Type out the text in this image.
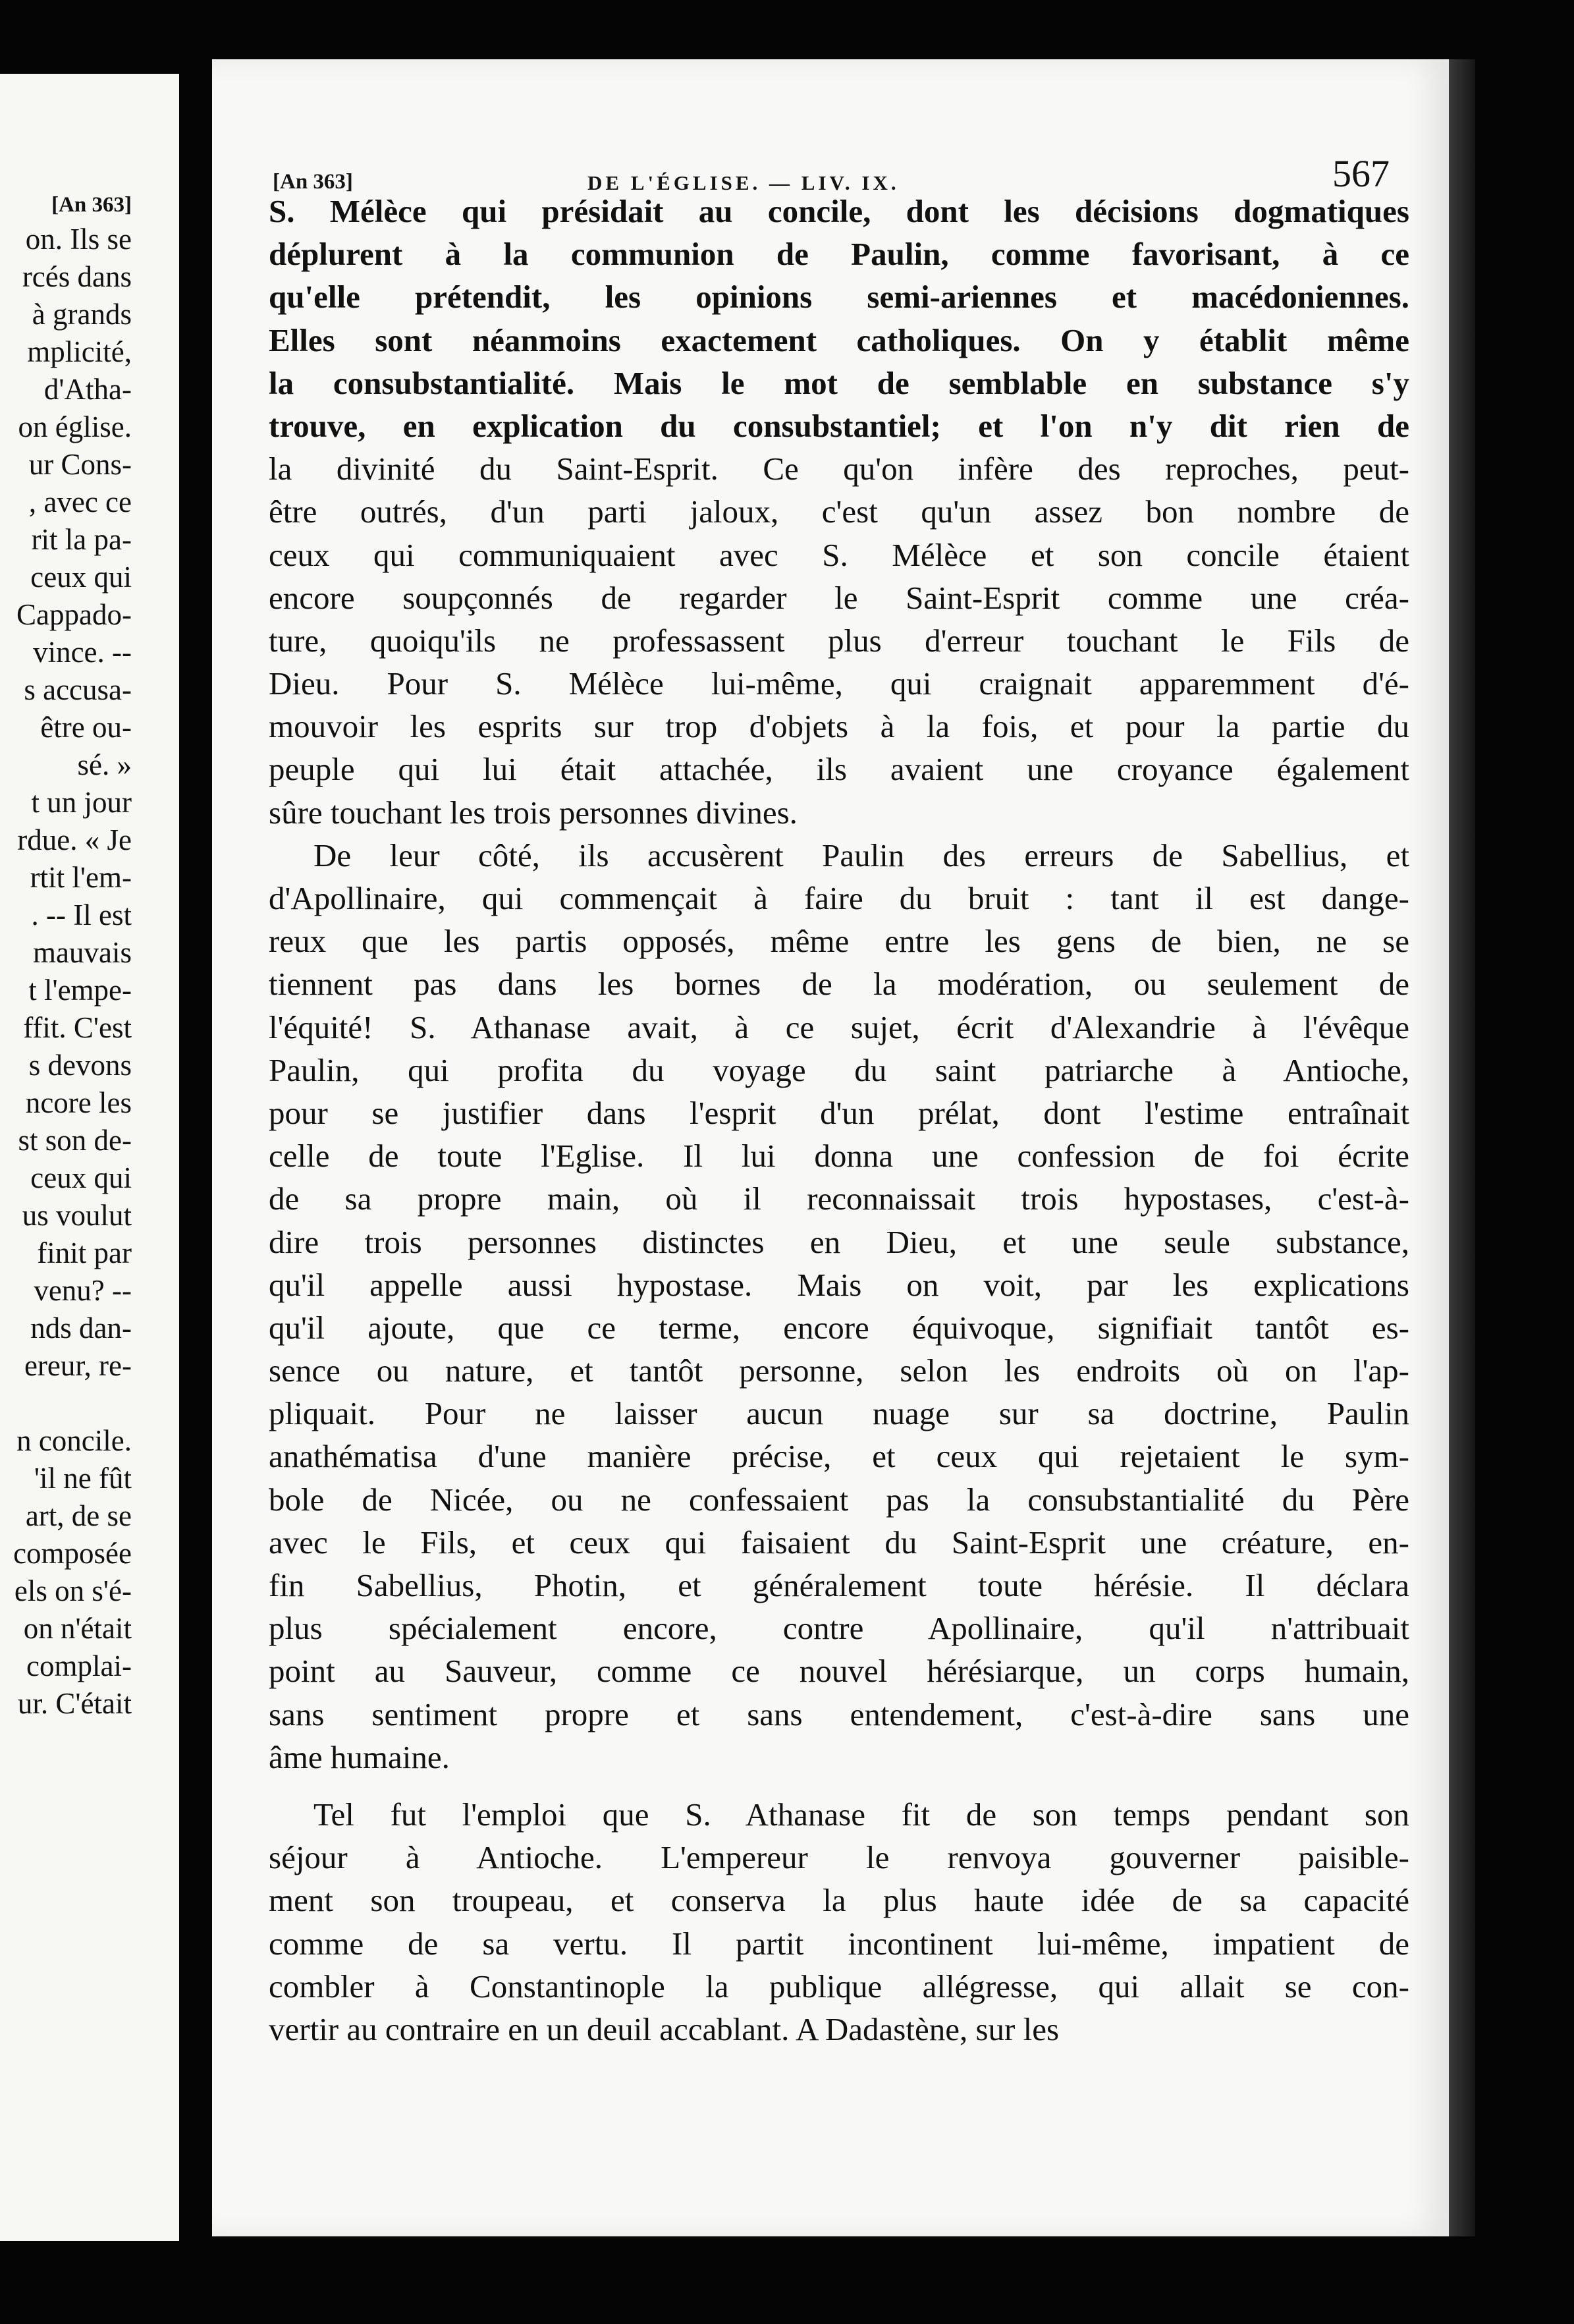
[An 363]

on. Ils se

rcés dans

à grands

mplicité,

d'Atha-

on église.

ur Cons-

, avec ce

rit la pa-

ceux qui

Cappado-

vince. --

s accusa-

être ou-

sé. »

t un jour

rdue. « Je

rtit l'em-

. -- Il est

mauvais

t l'empe-

ffit. C'est

s devons

ncore les

st son de-

ceux qui

us voulut

finit par

venu? --

nds dan-

ereur, re-

n concile.

'il ne fût

art, de se

composée

els on s'é-

on n'était

complai-

ur. C'était

[An 363]	DE L'ÉGLISE. — LIV. IX.	567

S. Mélèce qui présidait au concile, dont les décisions dogmatiques

déplurent à la communion de Paulin, comme favorisant, à ce

qu'elle prétendit, les opinions semi-ariennes et macédoniennes.

Elles sont néanmoins exactement catholiques. On y établit même

la consubstantialité. Mais le mot de semblable en substance s'y

trouve, en explication du consubstantiel; et l'on n'y dit rien de

la divinité du Saint-Esprit. Ce qu'on infère des reproches, peut-

être outrés, d'un parti jaloux, c'est qu'un assez bon nombre de

ceux qui communiquaient avec S. Mélèce et son concile étaient

encore soupçonnés de regarder le Saint-Esprit comme une créa-

ture, quoiqu'ils ne professassent plus d'erreur touchant le Fils de

Dieu. Pour S. Mélèce lui-même, qui craignait apparemment d'é-

mouvoir les esprits sur trop d'objets à la fois, et pour la partie du

peuple qui lui était attachée, ils avaient une croyance également

sûre touchant les trois personnes divines.

De leur côté, ils accusèrent Paulin des erreurs de Sabellius, et

d'Apollinaire, qui commençait à faire du bruit : tant il est dange-

reux que les partis opposés, même entre les gens de bien, ne se

tiennent pas dans les bornes de la modération, ou seulement de

l'équité! S. Athanase avait, à ce sujet, écrit d'Alexandrie à l'évêque

Paulin, qui profita du voyage du saint patriarche à Antioche,

pour se justifier dans l'esprit d'un prélat, dont l'estime entraînait

celle de toute l'Eglise. Il lui donna une confession de foi écrite

de sa propre main, où il reconnaissait trois hypostases, c'est-à-

dire trois personnes distinctes en Dieu, et une seule substance,

qu'il appelle aussi hypostase. Mais on voit, par les explications

qu'il ajoute, que ce terme, encore équivoque, signifiait tantôt es-

sence ou nature, et tantôt personne, selon les endroits où on l'ap-

pliquait. Pour ne laisser aucun nuage sur sa doctrine, Paulin

anathématisa d'une manière précise, et ceux qui rejetaient le sym-

bole de Nicée, ou ne confessaient pas la consubstantialité du Père

avec le Fils, et ceux qui faisaient du Saint-Esprit une créature, en-

fin Sabellius, Photin, et généralement toute hérésie. Il déclara

plus spécialement encore, contre Apollinaire, qu'il n'attribuait

point au Sauveur, comme ce nouvel hérésiarque, un corps humain,

sans sentiment propre et sans entendement, c'est-à-dire sans une

âme humaine.

Tel fut l'emploi que S. Athanase fit de son temps pendant son

séjour à Antioche. L'empereur le renvoya gouverner paisible-

ment son troupeau, et conserva la plus haute idée de sa capacité

comme de sa vertu. Il partit incontinent lui-même, impatient de

combler à Constantinople la publique allégresse, qui allait se con-

vertir au contraire en un deuil accablant. A Dadastène, sur les
